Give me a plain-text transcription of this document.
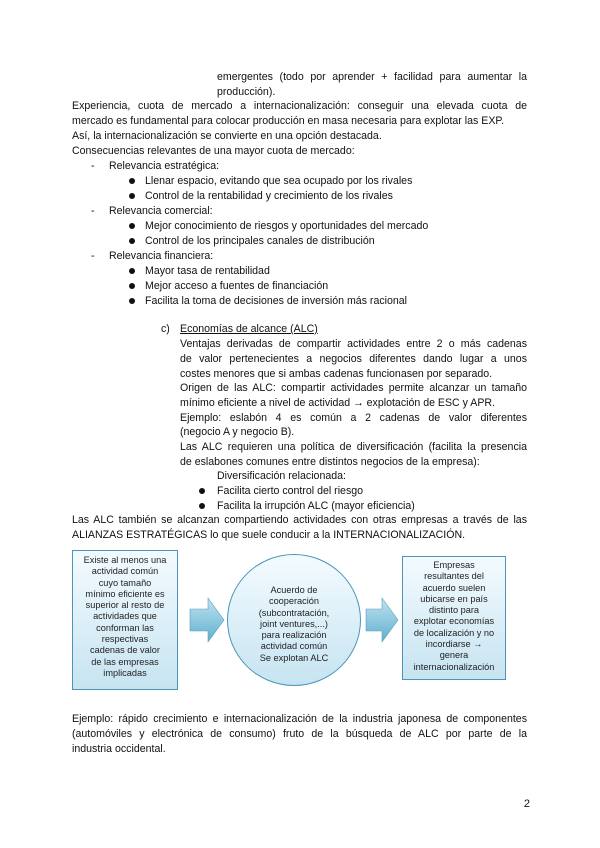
emergentes (todo por aprender + facilidad para aumentar la
producción).
Experiencia, cuota de mercado a internacionalización: conseguir una elevada cuota de
mercado es fundamental para colocar producción en masa necesaria para explotar las EXP.
Así, la internacionalización se convierte en una opción destacada.
Consecuencias relevantes de una mayor cuota de mercado:
- Relevancia estratégica:
Llenar espacio, evitando que sea ocupado por los rivales
Control de la rentabilidad y crecimiento de los rivales
- Relevancia comercial:
Mejor conocimiento de riesgos y oportunidades del mercado
Control de los principales canales de distribución
- Relevancia financiera:
Mayor tasa de rentabilidad
Mejor acceso a fuentes de financiación
Facilita la toma de decisiones de inversión más racional
c) Economías de alcance (ALC)
Ventajas derivadas de compartir actividades entre 2 o más cadenas
de valor pertenecientes a negocios diferentes dando lugar a unos
costes menores que si ambas cadenas funcionasen por separado.
Origen de las ALC: compartir actividades permite alcanzar un tamaño
mínimo eficiente a nivel de actividad → explotación de ESC y APR.
Ejemplo: eslabón 4 es común a 2 cadenas de valor diferentes
(negocio A y negocio B).
Las ALC requieren una política de diversificación (facilita la presencia
de eslabones comunes entre distintos negocios de la empresa):
Diversificación relacionada:
Facilita cierto control del riesgo
Facilita la irrupción ALC (mayor eficiencia)
Las ALC también se alcanzan compartiendo actividades con otras empresas a través de las
ALIANZAS ESTRATÉGICAS lo que suele conducir a la INTERNACIONALIZACIÓN.
Existe al menos una
actividad común
cuyo tamaño
mínimo eficiente es
superior al resto de
actividades que
conforman las
respectivas
cadenas de valor
de las empresas
implicadas
Acuerdo de
cooperación
(subcontratación,
joint ventures,...)
para realización
actividad común
Se explotan ALC
Empresas
resultantes del
acuerdo suelen
ubicarse en país
distinto para
explotar economías
de localización y no
incordiarse →
genera
internacionalización
Ejemplo: rápido crecimiento e internacionalización de la industria japonesa de componentes
(automóviles y electrónica de consumo) fruto de la búsqueda de ALC por parte de la
industria occidental.
2
